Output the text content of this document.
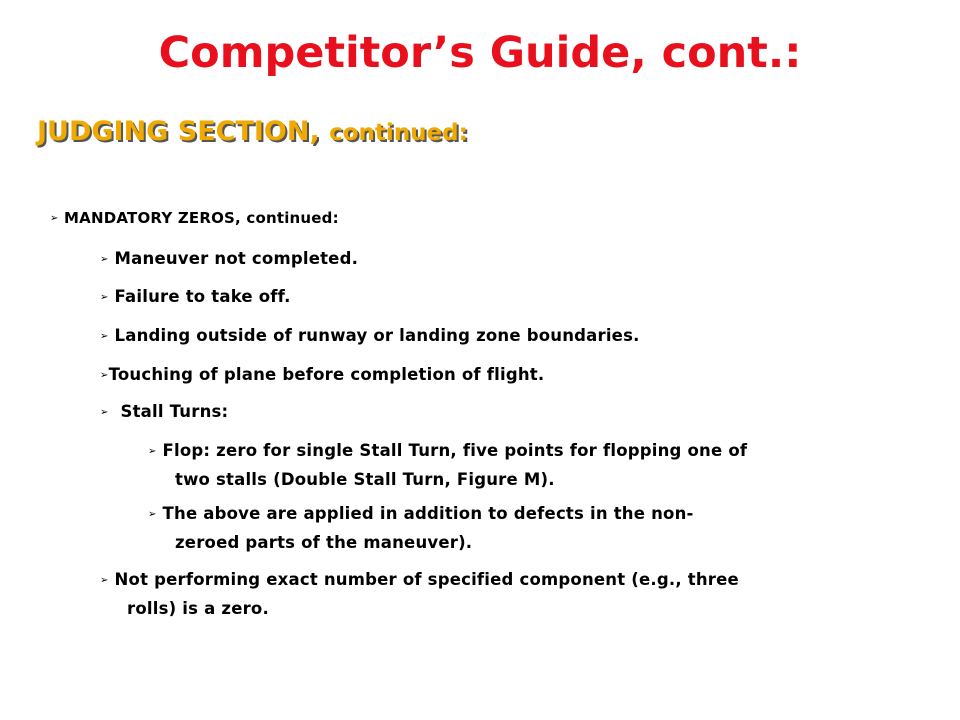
Competitor’s Guide, cont.:
JUDGING SECTION, continued:
➢ MANDATORY ZEROS, continued:
➢ Maneuver not completed.
➢ Failure to take off.
➢ Landing outside of runway or landing zone boundaries.
➢Touching of plane before completion of flight.
➢ Stall Turns:
➢ Flop: zero for single Stall Turn, five points for flopping one of
two stalls (Double Stall Turn, Figure M).
➢ The above are applied in addition to defects in the non-
zeroed parts of the maneuver).
➢ Not performing exact number of specified component (e.g., three
rolls) is a zero.
